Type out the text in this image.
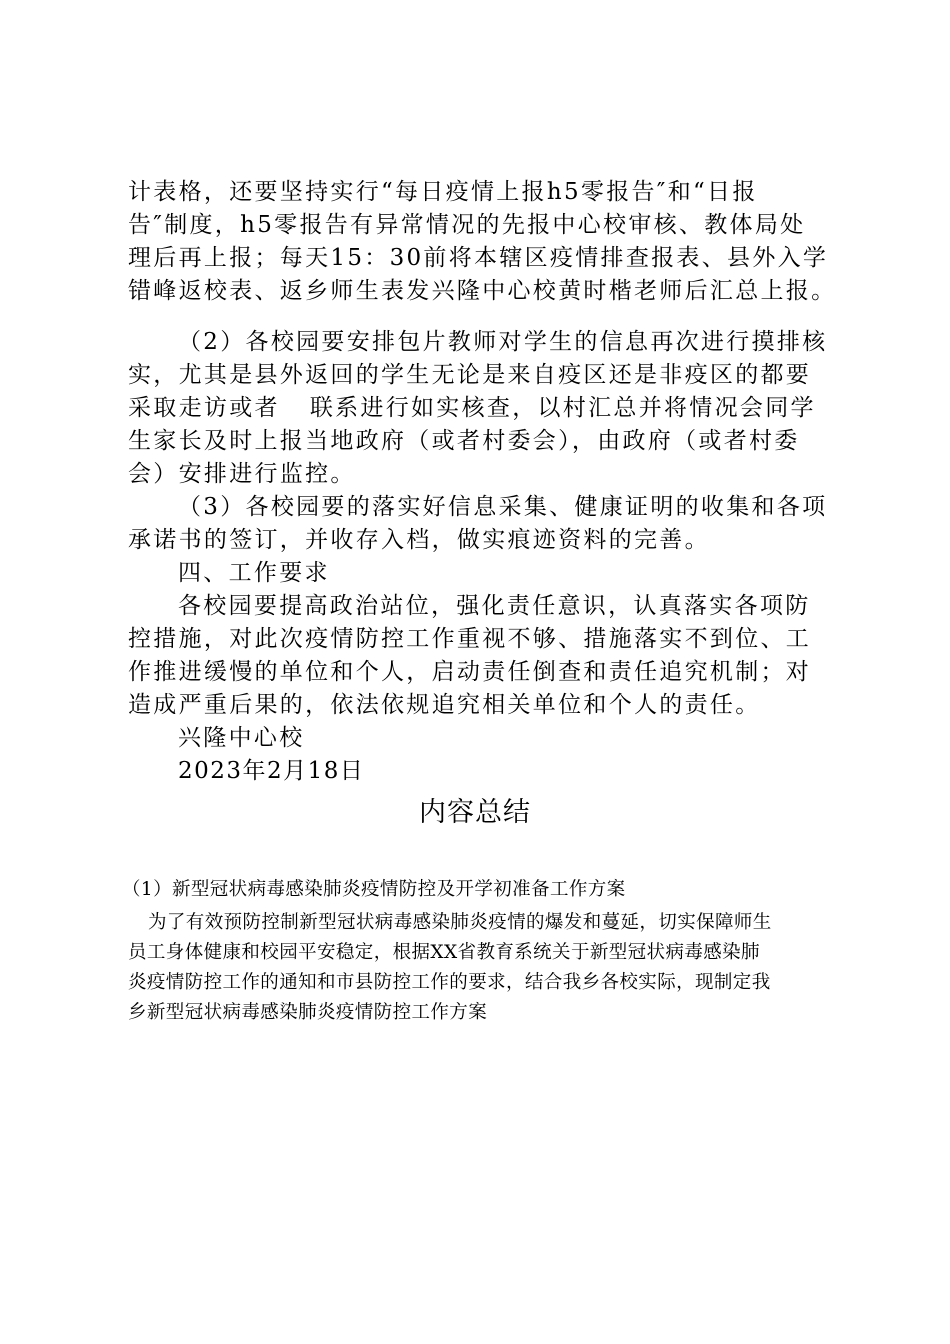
计表格，还要坚持实行“每日疫情上报h5零报告″和“日报
告″制度，h5零报告有异常情况的先报中心校审核、教体局处
理后再上报；每天15：30前将本辖区疫情排查报表、县外入学
错峰返校表、返乡师生表发兴隆中心校黄时楷老师后汇总上报。
（2）各校园要安排包片教师对学生的信息再次进行摸排核
实，尤其是县外返回的学生无论是来自疫区还是非疫区的都要
采取走访或者 联系进行如实核查，以村汇总并将情况会同学
生家长及时上报当地政府（或者村委会），由政府（或者村委
会）安排进行监控。
（3）各校园要的落实好信息采集、健康证明的收集和各项
承诺书的签订，并收存入档，做实痕迹资料的完善。
四、工作要求
各校园要提高政治站位，强化责任意识，认真落实各项防
控措施，对此次疫情防控工作重视不够、措施落实不到位、工
作推进缓慢的单位和个人，启动责任倒查和责任追究机制；对
造成严重后果的，依法依规追究相关单位和个人的责任。
兴隆中心校
2023年2月18日
内容总结
（1）新型冠状病毒感染肺炎疫情防控及开学初准备工作方案
为了有效预防控制新型冠状病毒感染肺炎疫情的爆发和蔓延，切实保障师生
员工身体健康和校园平安稳定，根据XX省教育系统关于新型冠状病毒感染肺
炎疫情防控工作的通知和市县防控工作的要求，结合我乡各校实际，现制定我
乡新型冠状病毒感染肺炎疫情防控工作方案
